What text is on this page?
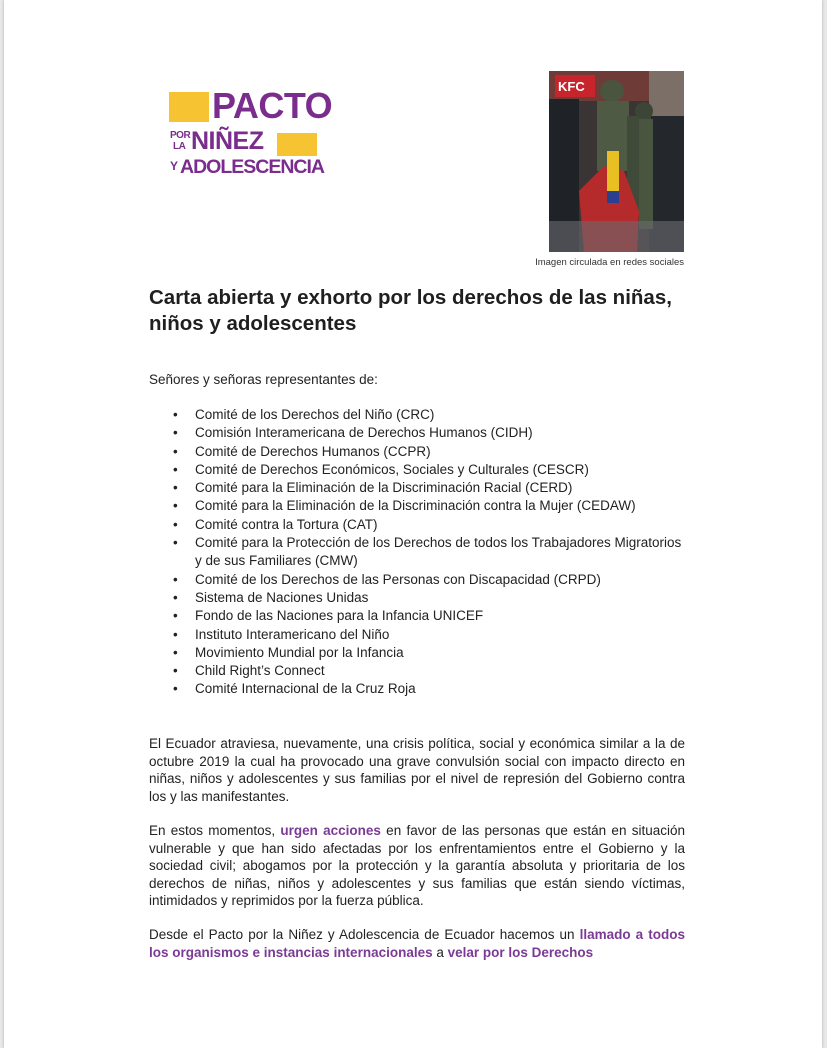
PACTO
POR
LA NIÑEZ
Y ADOLESCENCIA
KFC
Imagen circulada en redes sociales
Carta abierta y exhorto por los derechos de las niñas, niños y adolescentes
Señores y señoras representantes de:
• Comité de los Derechos del Niño (CRC)
• Comisión Interamericana de Derechos Humanos (CIDH)
• Comité de Derechos Humanos (CCPR)
• Comité de Derechos Económicos, Sociales y Culturales (CESCR)
• Comité para la Eliminación de la Discriminación Racial (CERD)
• Comité para la Eliminación de la Discriminación contra la Mujer (CEDAW)
• Comité contra la Tortura (CAT)
• Comité para la Protección de los Derechos de todos los Trabajadores Migratorios y de sus Familiares (CMW)
• Comité de los Derechos de las Personas con Discapacidad (CRPD)
• Sistema de Naciones Unidas
• Fondo de las Naciones para la Infancia UNICEF
• Instituto Interamericano del Niño
• Movimiento Mundial por la Infancia
• Child Right’s Connect
• Comité Internacional de la Cruz Roja
El Ecuador atraviesa, nuevamente, una crisis política, social y económica similar a la de octubre 2019 la cual ha provocado una grave convulsión social con impacto directo en niñas, niños y adolescentes y sus familias por el nivel de represión del Gobierno contra los y las manifestantes.
En estos momentos, urgen acciones en favor de las personas que están en situación vulnerable y que han sido afectadas por los enfrentamientos entre el Gobierno y la sociedad civil; abogamos por la protección y la garantía absoluta y prioritaria de los derechos de niñas, niños y adolescentes y sus familias que están siendo víctimas, intimidados y reprimidos por la fuerza pública.
Desde el Pacto por la Niñez y Adolescencia de Ecuador hacemos un llamado a todos los organismos e instancias internacionales a velar por los Derechos
